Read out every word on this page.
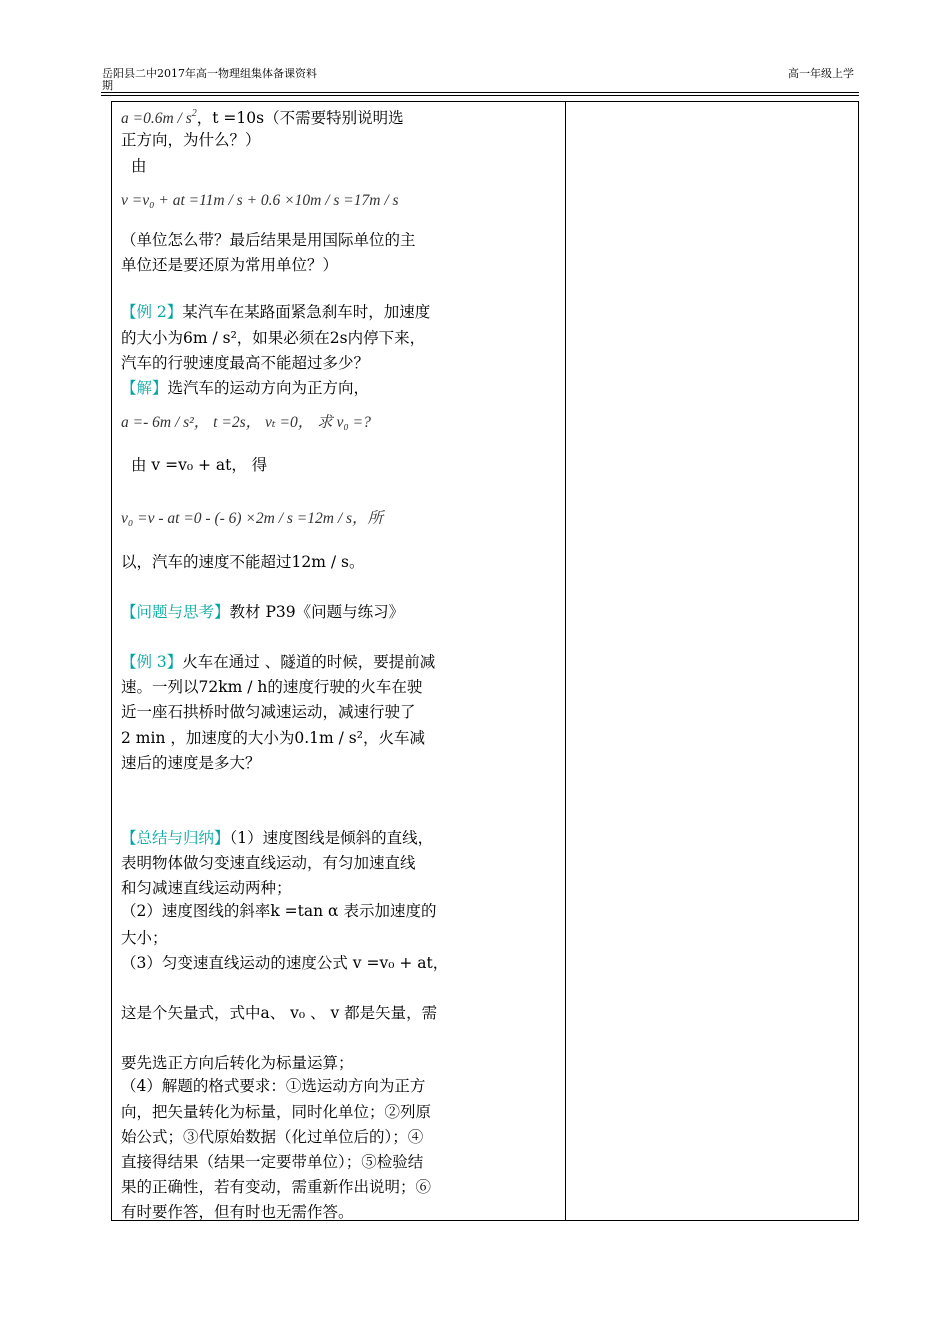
岳阳县二中2017年高一物理组集体备课资料
期
高一年级上学
$a =0.6m / s^2$，t =10s（不需要特别说明选
正方向，为什么？）
由
v =v₀ + at =11m / s + 0.6 ×10m / s =17m / s
（单位怎么带？最后结果是用国际单位的主
单位还是要还原为常用单位？）
【例 2】某汽车在某路面紧急刹车时，加速度
的大小为6m / s²，如果必须在2s内停下来，
汽车的行驶速度最高不能超过多少？
【解】选汽车的运动方向为正方向，
a =- 6m / s²， t =2s， vₜ =0， 求 v₀ =?
由 v =v₀ + at， 得
v₀ =v - at =0 - (- 6) ×2m / s =12m / s，所
以，汽车的速度不能超过12m / s。
【问题与思考】教材 P39《问题与练习》
【例 3】火车在通过 、隧道的时候，要提前减
速。一列以72km / h的速度行驶的火车在驶
近一座石拱桥时做匀减速运动，减速行驶了
2 min ，加速度的大小为0.1m / s²，火车减
速后的速度是多大？
【总结与归纳】（1）速度图线是倾斜的直线，
表明物体做匀变速直线运动，有匀加速直线
和匀减速直线运动两种；
（2）速度图线的斜率k =tan α 表示加速度的
大小；
（3）匀变速直线运动的速度公式 v =v₀ + at，
这是个矢量式，式中a、 v₀ 、 v 都是矢量，需
要先选正方向后转化为标量运算；
（4）解题的格式要求：①选运动方向为正方
向，把矢量转化为标量，同时化单位；②列原
始公式；③代原始数据（化过单位后的）；④
直接得结果（结果一定要带单位）；⑤检验结
果的正确性，若有变动，需重新作出说明；⑥
有时要作答，但有时也无需作答。
